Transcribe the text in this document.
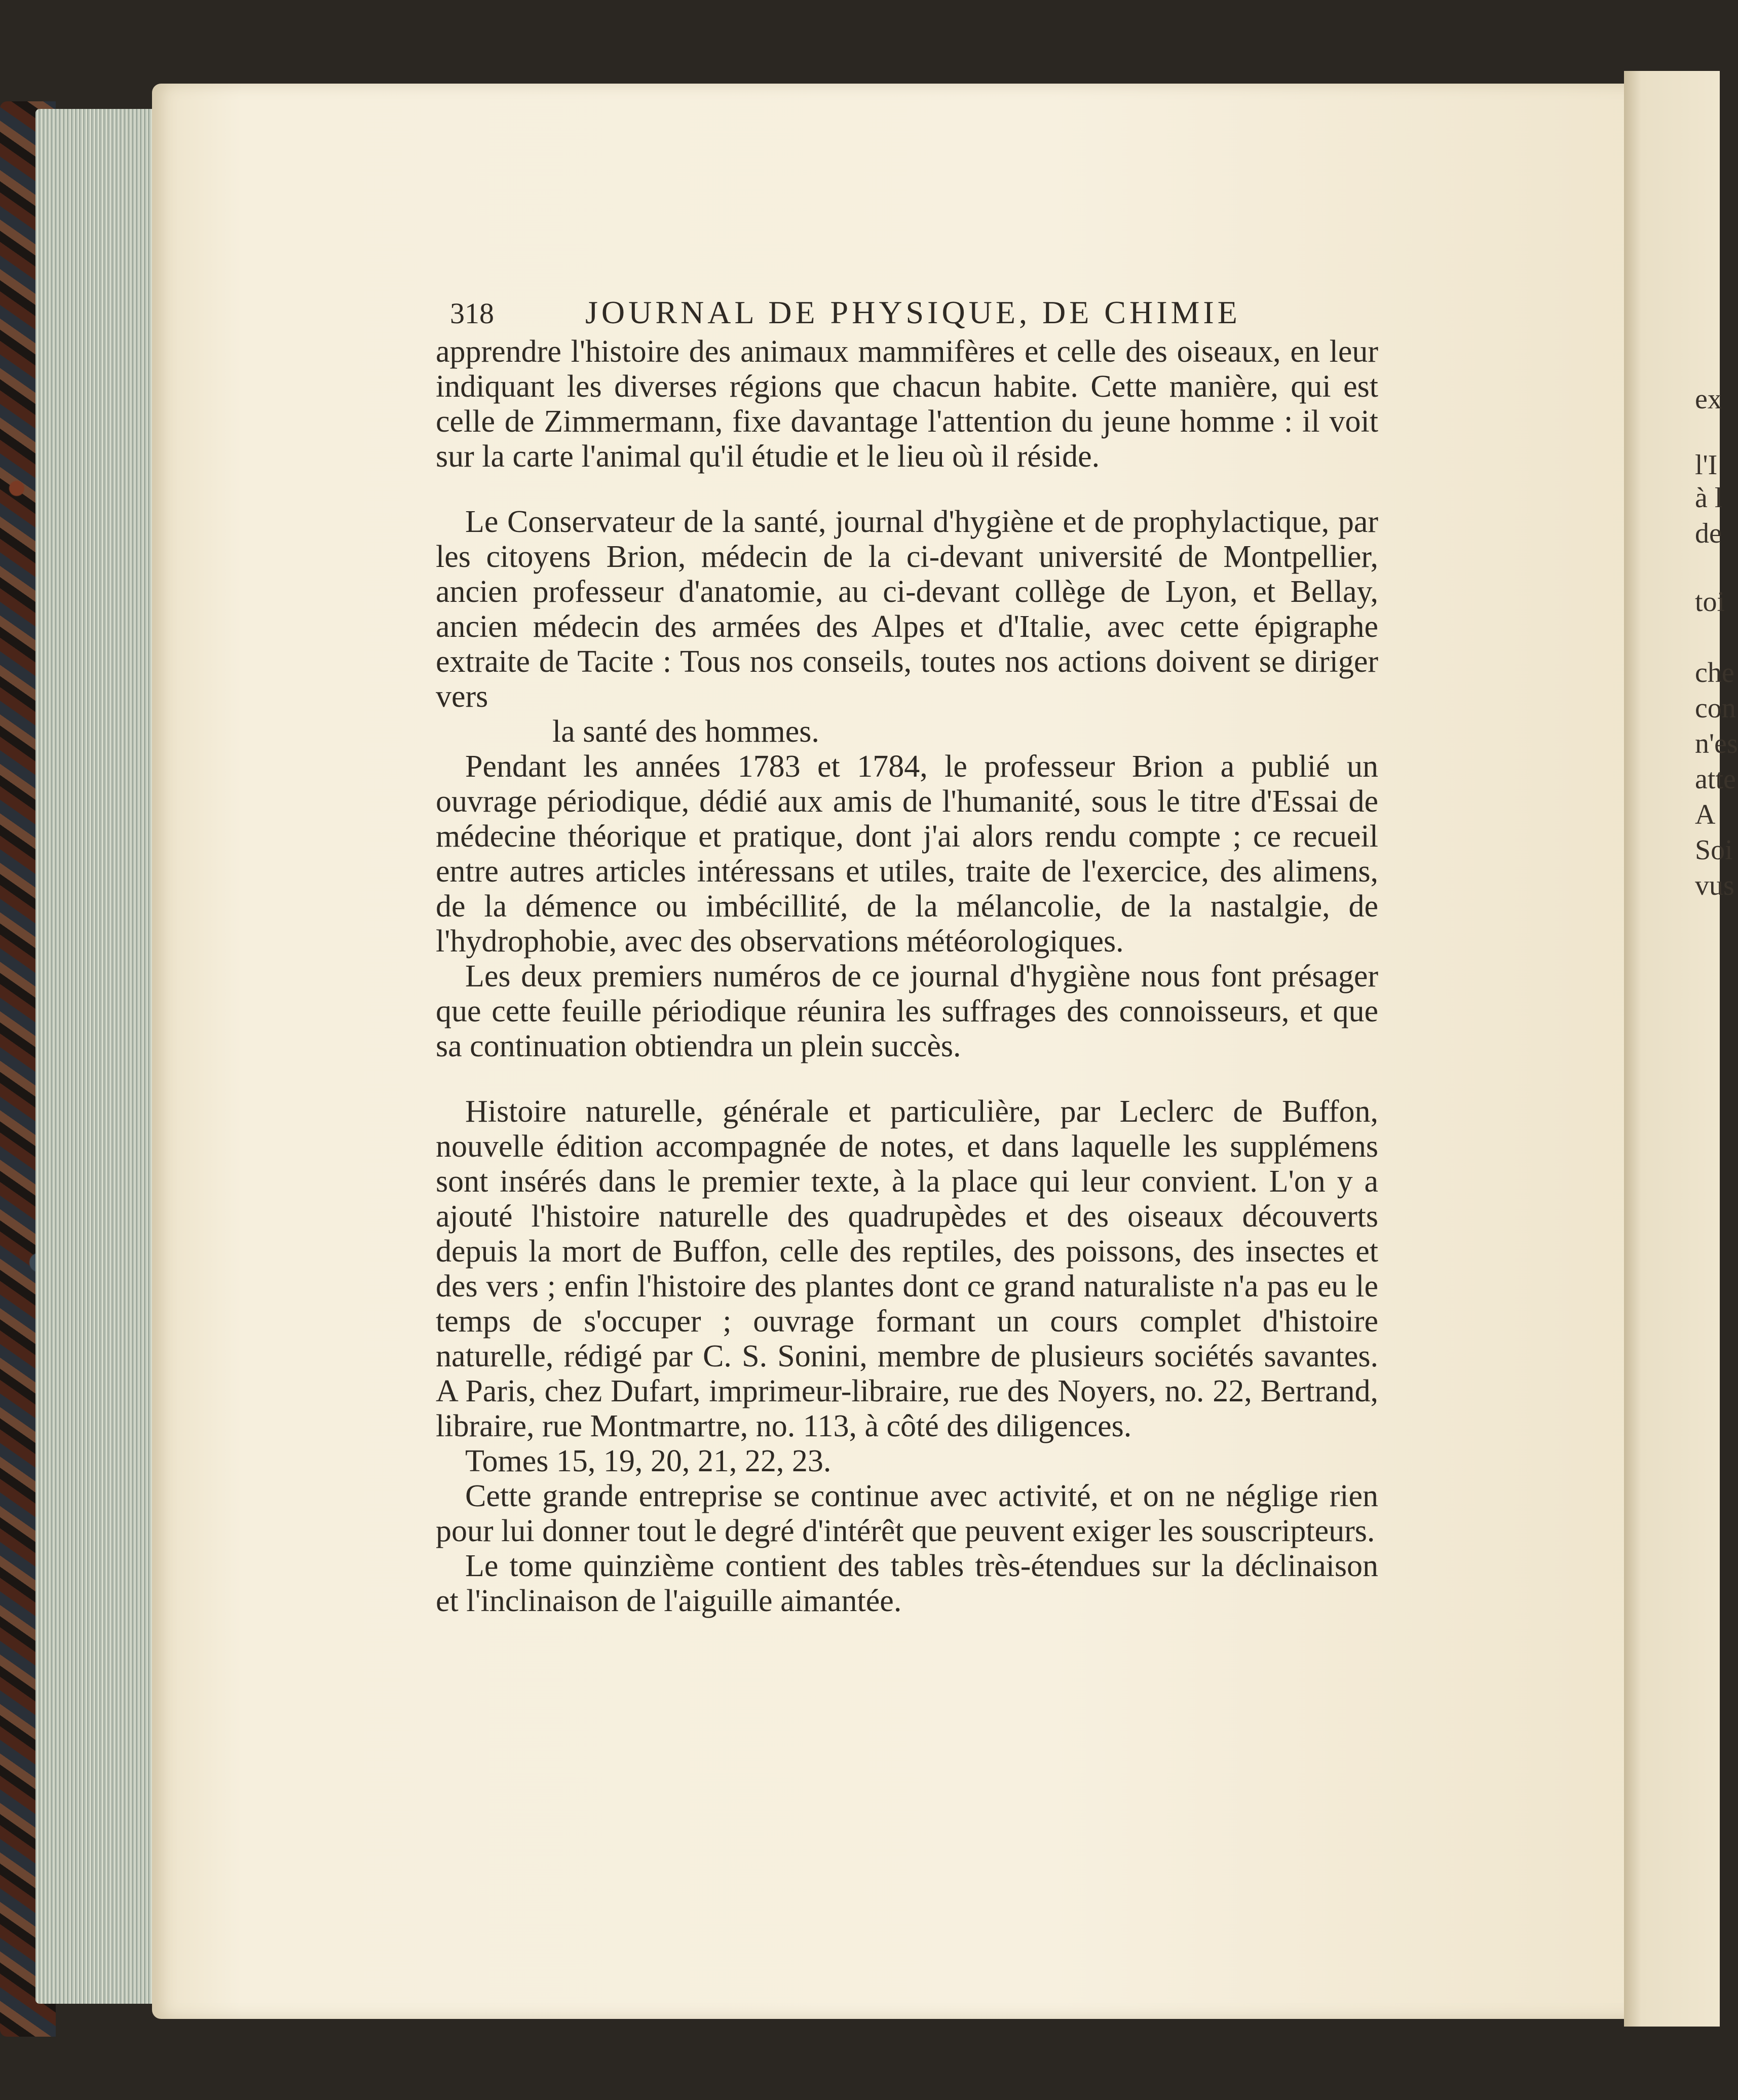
ex
l'I
à l
de
toi
che
con
n'es
atte
A
Soi
vus
318	JOURNAL DE PHYSIQUE, DE CHIMIE

apprendre l'histoire des animaux mammifères et celle des oiseaux, en leur indiquant les diverses régions que chacun habite. Cette manière, qui est celle de Zimmermann, fixe davantage l'attention du jeune homme : il voit sur la carte l'animal qu'il étudie et le lieu où il réside.

Le Conservateur de la santé, journal d'hygiène et de prophylactique, par les citoyens Brion, médecin de la ci-devant université de Montpellier, ancien professeur d'anatomie, au ci-devant collège de Lyon, et Bellay, ancien médecin des armées des Alpes et d'Italie, avec cette épigraphe extraite de Tacite : Tous nos conseils, toutes nos actions doivent se diriger vers

la santé des hommes.

Pendant les années 1783 et 1784, le professeur Brion a publié un ouvrage périodique, dédié aux amis de l'humanité, sous le titre d'Essai de médecine théorique et pratique, dont j'ai alors rendu compte ; ce recueil entre autres articles intéressans et utiles, traite de l'exercice, des alimens, de la démence ou imbécillité, de la mélancolie, de la nastalgie, de l'hydrophobie, avec des observations météorologiques.

Les deux premiers numéros de ce journal d'hygiène nous font présager que cette feuille périodique réunira les suffrages des connoisseurs, et que sa continuation obtiendra un plein succès.

Histoire naturelle, générale et particulière, par Leclerc de Buffon, nouvelle édition accompagnée de notes, et dans laquelle les supplémens sont insérés dans le premier texte, à la place qui leur convient. L'on y a ajouté l'histoire naturelle des quadrupèdes et des oiseaux découverts depuis la mort de Buffon, celle des reptiles, des poissons, des insectes et des vers ; enfin l'histoire des plantes dont ce grand naturaliste n'a pas eu le temps de s'occuper ; ouvrage formant un cours complet d'histoire naturelle, rédigé par C. S. Sonini, membre de plusieurs sociétés savantes. A Paris, chez Dufart, imprimeur-libraire, rue des Noyers, no. 22, Bertrand, libraire, rue Montmartre, no. 113, à côté des diligences.

Tomes 15, 19, 20, 21, 22, 23.

Cette grande entreprise se continue avec activité, et on ne néglige rien pour lui donner tout le degré d'intérêt que peuvent exiger les souscripteurs.

Le tome quinzième contient des tables très-étendues sur la déclinaison et l'inclinaison de l'aiguille aimantée.
